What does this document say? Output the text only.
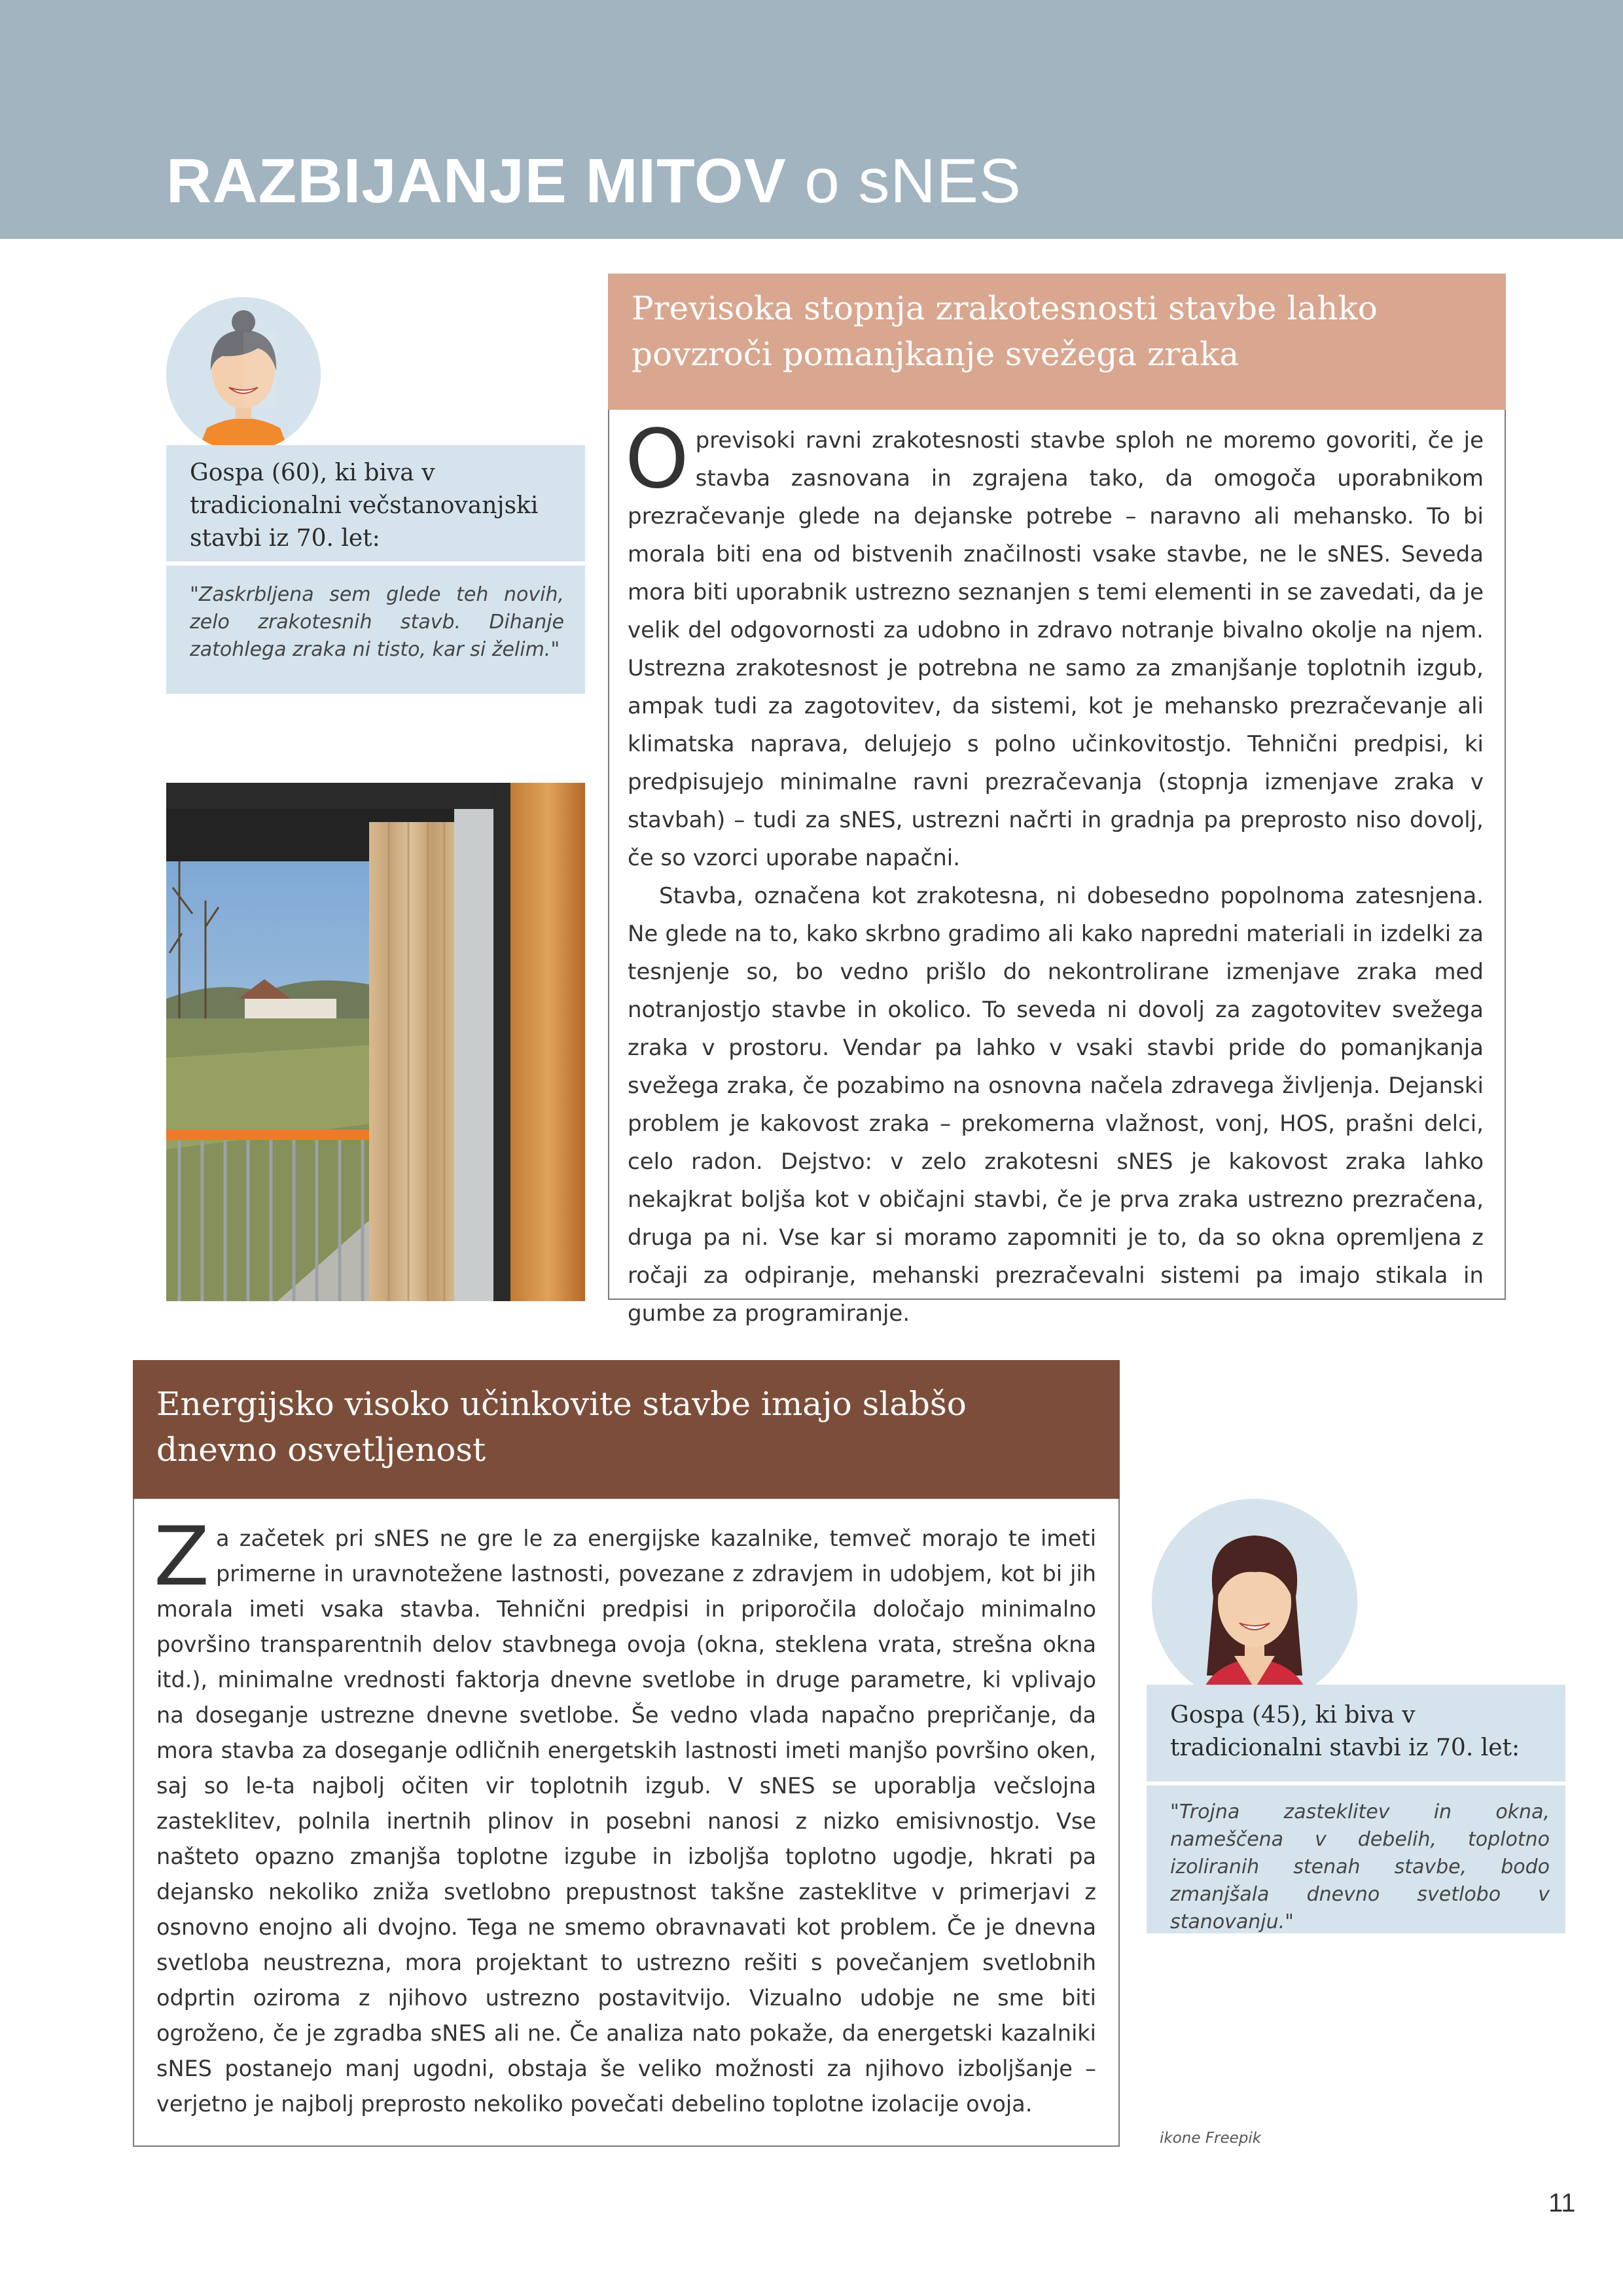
RAZBIJANJE MITOV o sNES
Gospa (60), ki biva v tradicionalni večstanovanjski stavbi iz 70. let:
"Zaskrbljena sem glede teh novih, zelo zrakotesnih stavb. Dihanje zatohlega zraka ni tisto, kar si želim."
Previsoka stopnja zrakotesnosti stavbe lahko povzroči pomanjkanje svežega zraka

Oprevisoki ravni zrakotesnosti stavbe sploh ne moremo govoriti, če je stavba zasnovana in zgrajena tako, da omogoča uporabnikom prezračevanje glede na dejanske potrebe – naravno ali mehansko. To bi morala biti ena od bistvenih značilnosti vsake stavbe, ne le sNES. Seveda mora biti uporabnik ustrezno seznanjen s temi elementi in se zavedati, da je velik del odgovornosti za udobno in zdravo notranje bivalno okolje na njem. Ustrezna zrakotesnost je potrebna ne samo za zmanjšanje toplotnih izgub, ampak tudi za zagotovitev, da sistemi, kot je mehansko prezračevanje ali klimatska naprava, delujejo s polno učinkovitostjo. Tehnični predpisi, ki predpisujejo minimalne ravni prezračevanja (stopnja izmenjave zraka v stavbah) – tudi za sNES, ustrezni načrti in gradnja pa preprosto niso dovolj, če so vzorci uporabe napačni.

Stavba, označena kot zrakotesna, ni dobesedno popolnoma zatesnjena. Ne glede na to, kako skrbno gradimo ali kako napredni materiali in izdelki za tesnjenje so, bo vedno prišlo do nekontrolirane izmenjave zraka med notranjostjo stavbe in okolico. To seveda ni dovolj za zagotovitev svežega zraka v prostoru. Vendar pa lahko v vsaki stavbi pride do pomanjkanja svežega zraka, če pozabimo na osnovna načela zdravega življenja. Dejanski problem je kakovost zraka – prekomerna vlažnost, vonj, HOS, prašni delci, celo radon. Dejstvo: v zelo zrakotesni sNES je kakovost zraka lahko nekajkrat boljša kot v običajni stavbi, če je prva zraka ustrezno prezračena, druga pa ni. Vse kar si moramo zapomniti je to, da so okna opremljena z ročaji za odpiranje, mehanski prezračevalni sistemi pa imajo stikala in gumbe za programiranje.

Energijsko visoko učinkovite stavbe imajo slabšo dnevno osvetljenost

Za začetek pri sNES ne gre le za energijske kazalnike, temveč morajo te imeti primerne in uravnotežene lastnosti, povezane z zdravjem in udobjem, kot bi jih morala imeti vsaka stavba. Tehnični predpisi in priporočila določajo minimalno površino transparentnih delov stavbnega ovoja (okna, steklena vrata, strešna okna itd.), minimalne vrednosti faktorja dnevne svetlobe in druge parametre, ki vplivajo na doseganje ustrezne dnevne svetlobe. Še vedno vlada napačno prepričanje, da mora stavba za doseganje odličnih energetskih lastnosti imeti manjšo površino oken, saj so le-ta najbolj očiten vir toplotnih izgub. V sNES se uporablja večslojna zasteklitev, polnila inertnih plinov in posebni nanosi z nizko emisivnostjo. Vse našteto opazno zmanjša toplotne izgube in izboljša toplotno ugodje, hkrati pa dejansko nekoliko zniža svetlobno prepustnost takšne zasteklitve v primerjavi z osnovno enojno ali dvojno. Tega ne smemo obravnavati kot problem. Če je dnevna svetloba neustrezna, mora projektant to ustrezno rešiti s povečanjem svetlobnih odprtin oziroma z njihovo ustrezno postavitvijo. Vizualno udobje ne sme biti ogroženo, če je zgradba sNES ali ne. Če analiza nato pokaže, da energetski kazalniki sNES postanejo manj ugodni, obstaja še veliko možnosti za njihovo izboljšanje – verjetno je najbolj preprosto nekoliko povečati debelino toplotne izolacije ovoja.

Gospa (45), ki biva v tradicionalni stavbi iz 70. let:
"Trojna zasteklitev in okna, nameščena v debelih, toplotno izoliranih stenah stavbe, bodo zmanjšala dnevno svetlobo v stanovanju."
ikone Freepik
11
